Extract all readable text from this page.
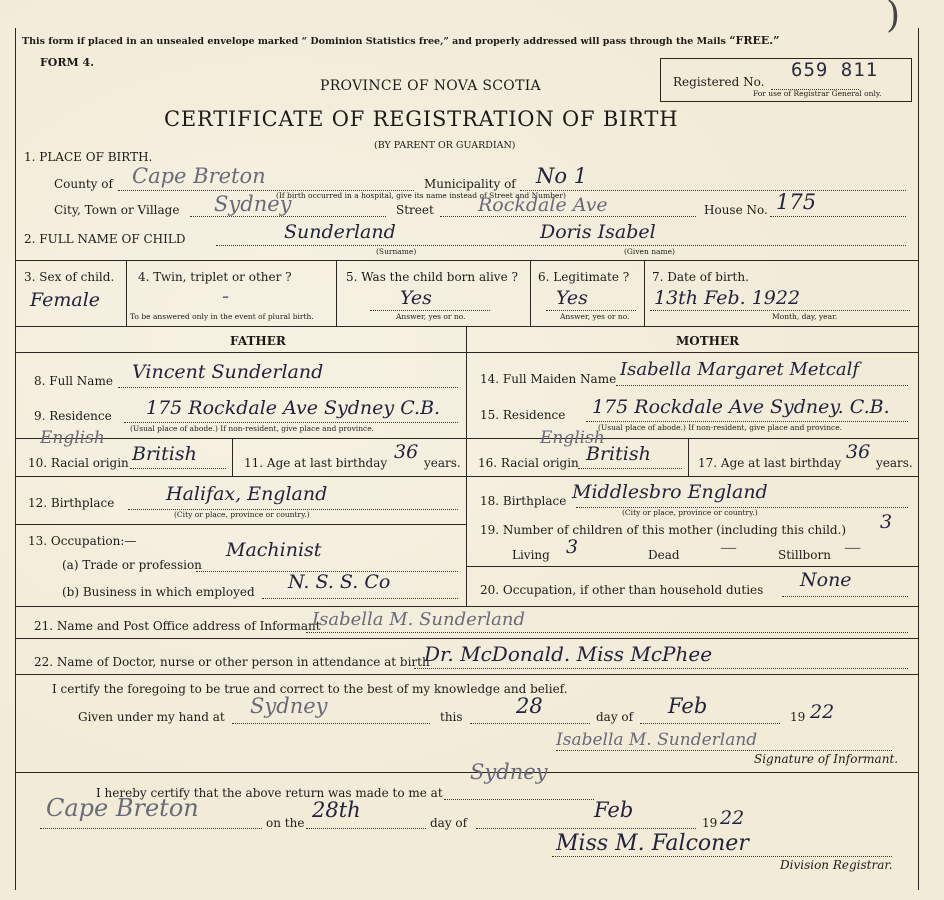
This form if placed in an unsealed envelope marked “ Dominion Statistics free,” and properly addressed will pass through the Mails “FREE.”
)
FORM 4.
Registered No.
659 811
For use of Registrar General only.
PROVINCE OF NOVA SCOTIA
CERTIFICATE OF REGISTRATION OF BIRTH
(BY PARENT OR GUARDIAN)
1. PLACE OF BIRTH.
County of Cape Breton	Municipality of No 1
City, Town or Village Sydney
(If birth occurred in a hospital, give its name instead of Street and Number)
Street Rockdale Ave	House No. 175
2. FULL NAME OF CHILD	Sunderland	Doris Isabel
(Surname)	(Given name)
3. Sex of child.
Female
4. Twin, triplet or other ?
-
To be answered only in the event of plural birth.
5. Was the child born alive ?
Yes
Answer, yes or no.
6. Legitimate ?
Yes
Answer, yes or no.
7. Date of birth.
13th Feb. 1922
Month, day, year.
FATHER	MOTHER
8. Full Name Vincent Sunderland
9. Residence 175 Rockdale Ave Sydney C.B.
(Usual place of abode.) If non-resident, give place and province.
10. Racial origin
English
British	11. Age at last birthday 36 years.
12. Birthplace	Halifax, England
(City or place, province or country.)
13. Occupation:—
(a) Trade or profession
Machinist
(b) Business in which employed N. S. S. Co
14. Full Maiden Name Isabella Margaret Metcalf
15. Residence 175 Rockdale Ave Sydney. C.B.
(Usual place of abode.) If non-resident, give place and province.
16. Racial origin
English
British	17. Age at last birthday 36 years.
18. Birthplace Middlesbro England
(City or place, province or country.)
19. Number of children of this mother (including this child.) 3
Living 3	Dead —	Stillborn —
20. Occupation, if other than household duties None
21. Name and Post Office address of Informant
Isabella M. Sunderland
22. Name of Doctor, nurse or other person in attendance at birth
Dr. McDonald. Miss McPhee
I certify the foregoing to be true and correct to the best of my knowledge and belief.
Given under my hand at Sydney	this	28	day of Feb	19 22
Isabella M. Sunderland
Signature of Informant.
I hereby certify that the above return was made to me at
Sydney
Cape Breton
on the
28th
day of
Feb
19 22
Miss M. Falconer
Division Registrar.
